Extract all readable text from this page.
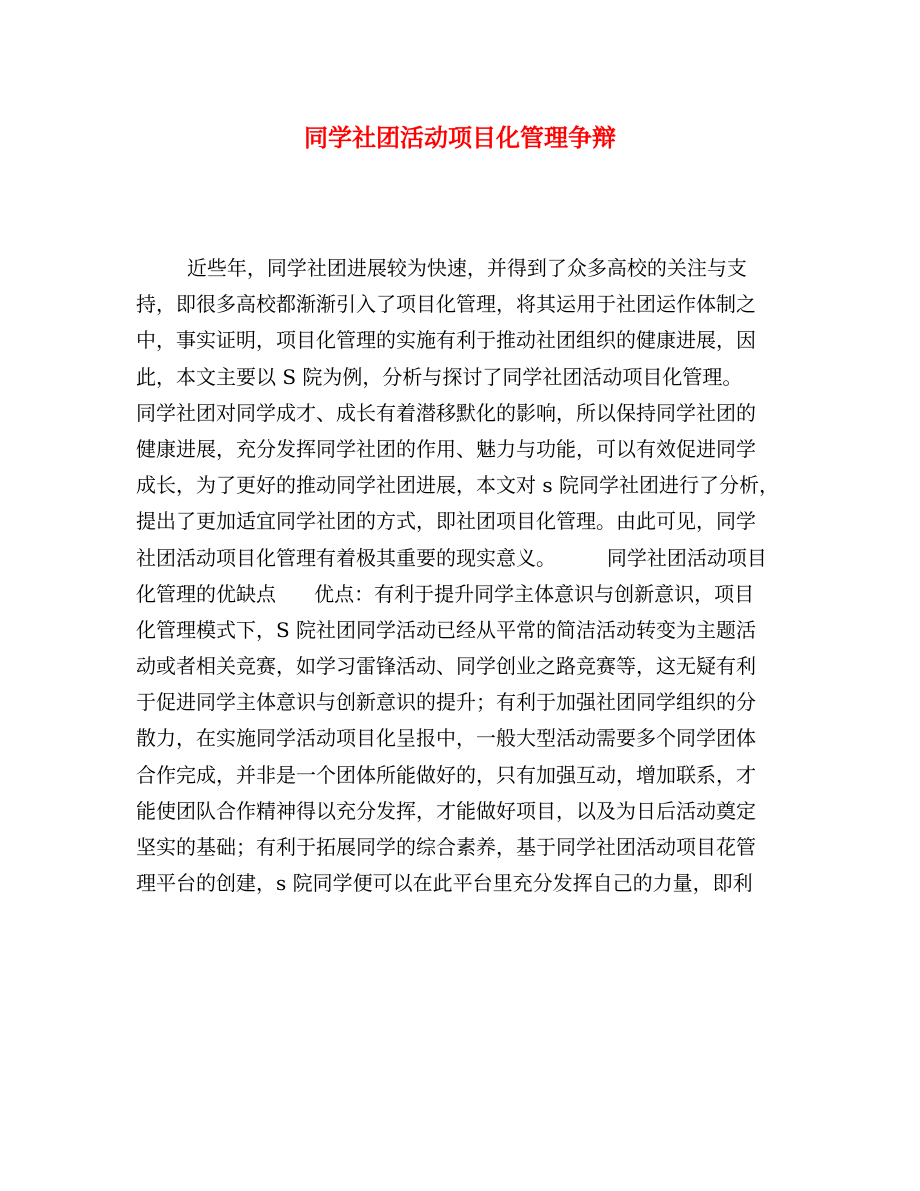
同学社团活动项目化管理争辩
近些年，同学社团进展较为快速，并得到了众多高校的关注与支
持，即很多高校都渐渐引入了项目化管理，将其运用于社团运作体制之
中，事实证明，项目化管理的实施有利于推动社团组织的健康进展，因
此，本文主要以 S 院为例，分析与探讨了同学社团活动项目化管理。
同学社团对同学成才、成长有着潜移默化的影响，所以保持同学社团的
健康进展，充分发挥同学社团的作用、魅力与功能，可以有效促进同学
成长，为了更好的推动同学社团进展，本文对 s 院同学社团进行了分析，
提出了更加适宜同学社团的方式，即社团项目化管理。由此可见，同学
社团活动项目化管理有着极其重要的现实意义。        同学社团活动项目
化管理的优缺点      优点：有利于提升同学主体意识与创新意识，项目
化管理模式下，S 院社团同学活动已经从平常的简洁活动转变为主题活
动或者相关竞赛，如学习雷锋活动、同学创业之路竞赛等，这无疑有利
于促进同学主体意识与创新意识的提升；有利于加强社团同学组织的分
散力，在实施同学活动项目化呈报中，一般大型活动需要多个同学团体
合作完成，并非是一个团体所能做好的，只有加强互动，增加联系，才
能使团队合作精神得以充分发挥，才能做好项目，以及为日后活动奠定
坚实的基础；有利于拓展同学的综合素养，基于同学社团活动项目花管
理平台的创建，s 院同学便可以在此平台里充分发挥自己的力量，即利
